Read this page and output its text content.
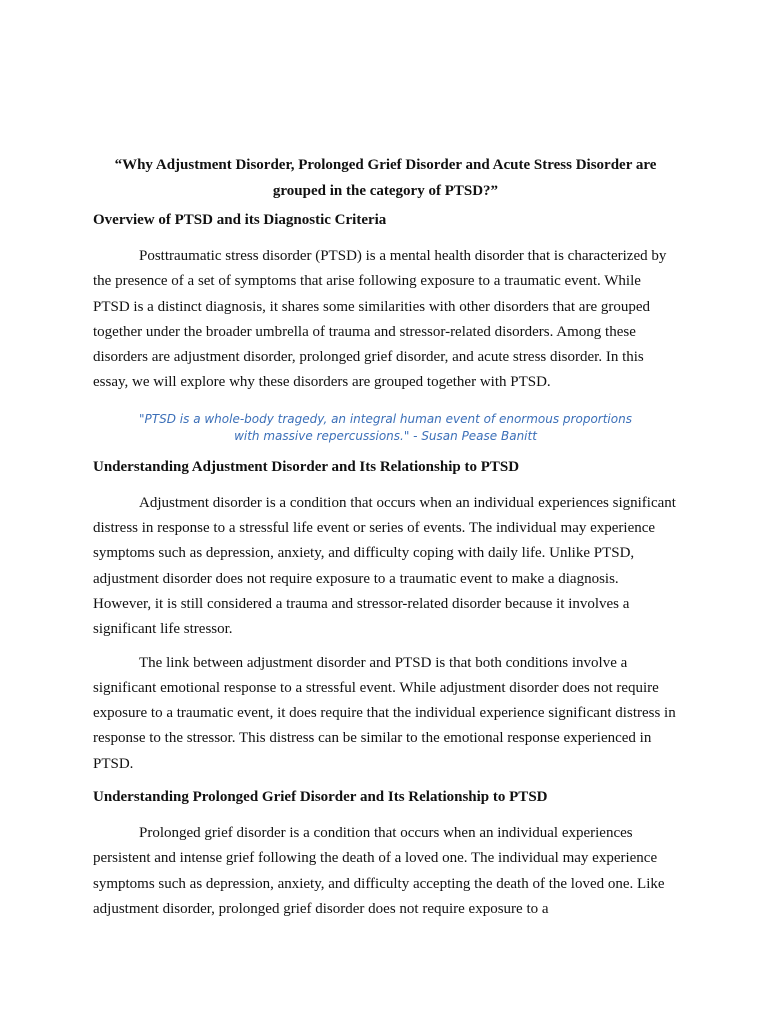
“Why Adjustment Disorder, Prolonged Grief Disorder and Acute Stress Disorder are grouped in the category of PTSD?”
Overview of PTSD and its Diagnostic Criteria

Posttraumatic stress disorder (PTSD) is a mental health disorder that is characterized by the presence of a set of symptoms that arise following exposure to a traumatic event. While PTSD is a distinct diagnosis, it shares some similarities with other disorders that are grouped together under the broader umbrella of trauma and stressor-related disorders. Among these disorders are adjustment disorder, prolonged grief disorder, and acute stress disorder. In this essay, we will explore why these disorders are grouped together with PTSD.

"PTSD is a whole-body tragedy, an integral human event of enormous proportions
with massive repercussions." - Susan Pease Banitt
Understanding Adjustment Disorder and Its Relationship to PTSD

Adjustment disorder is a condition that occurs when an individual experiences significant distress in response to a stressful life event or series of events. The individual may experience symptoms such as depression, anxiety, and difficulty coping with daily life. Unlike PTSD, adjustment disorder does not require exposure to a traumatic event to make a diagnosis. However, it is still considered a trauma and stressor-related disorder because it involves a significant life stressor.

The link between adjustment disorder and PTSD is that both conditions involve a significant emotional response to a stressful event. While adjustment disorder does not require exposure to a traumatic event, it does require that the individual experience significant distress in response to the stressor. This distress can be similar to the emotional response experienced in PTSD.

Understanding Prolonged Grief Disorder and Its Relationship to PTSD

Prolonged grief disorder is a condition that occurs when an individual experiences persistent and intense grief following the death of a loved one. The individual may experience symptoms such as depression, anxiety, and difficulty accepting the death of the loved one. Like adjustment disorder, prolonged grief disorder does not require exposure to a
